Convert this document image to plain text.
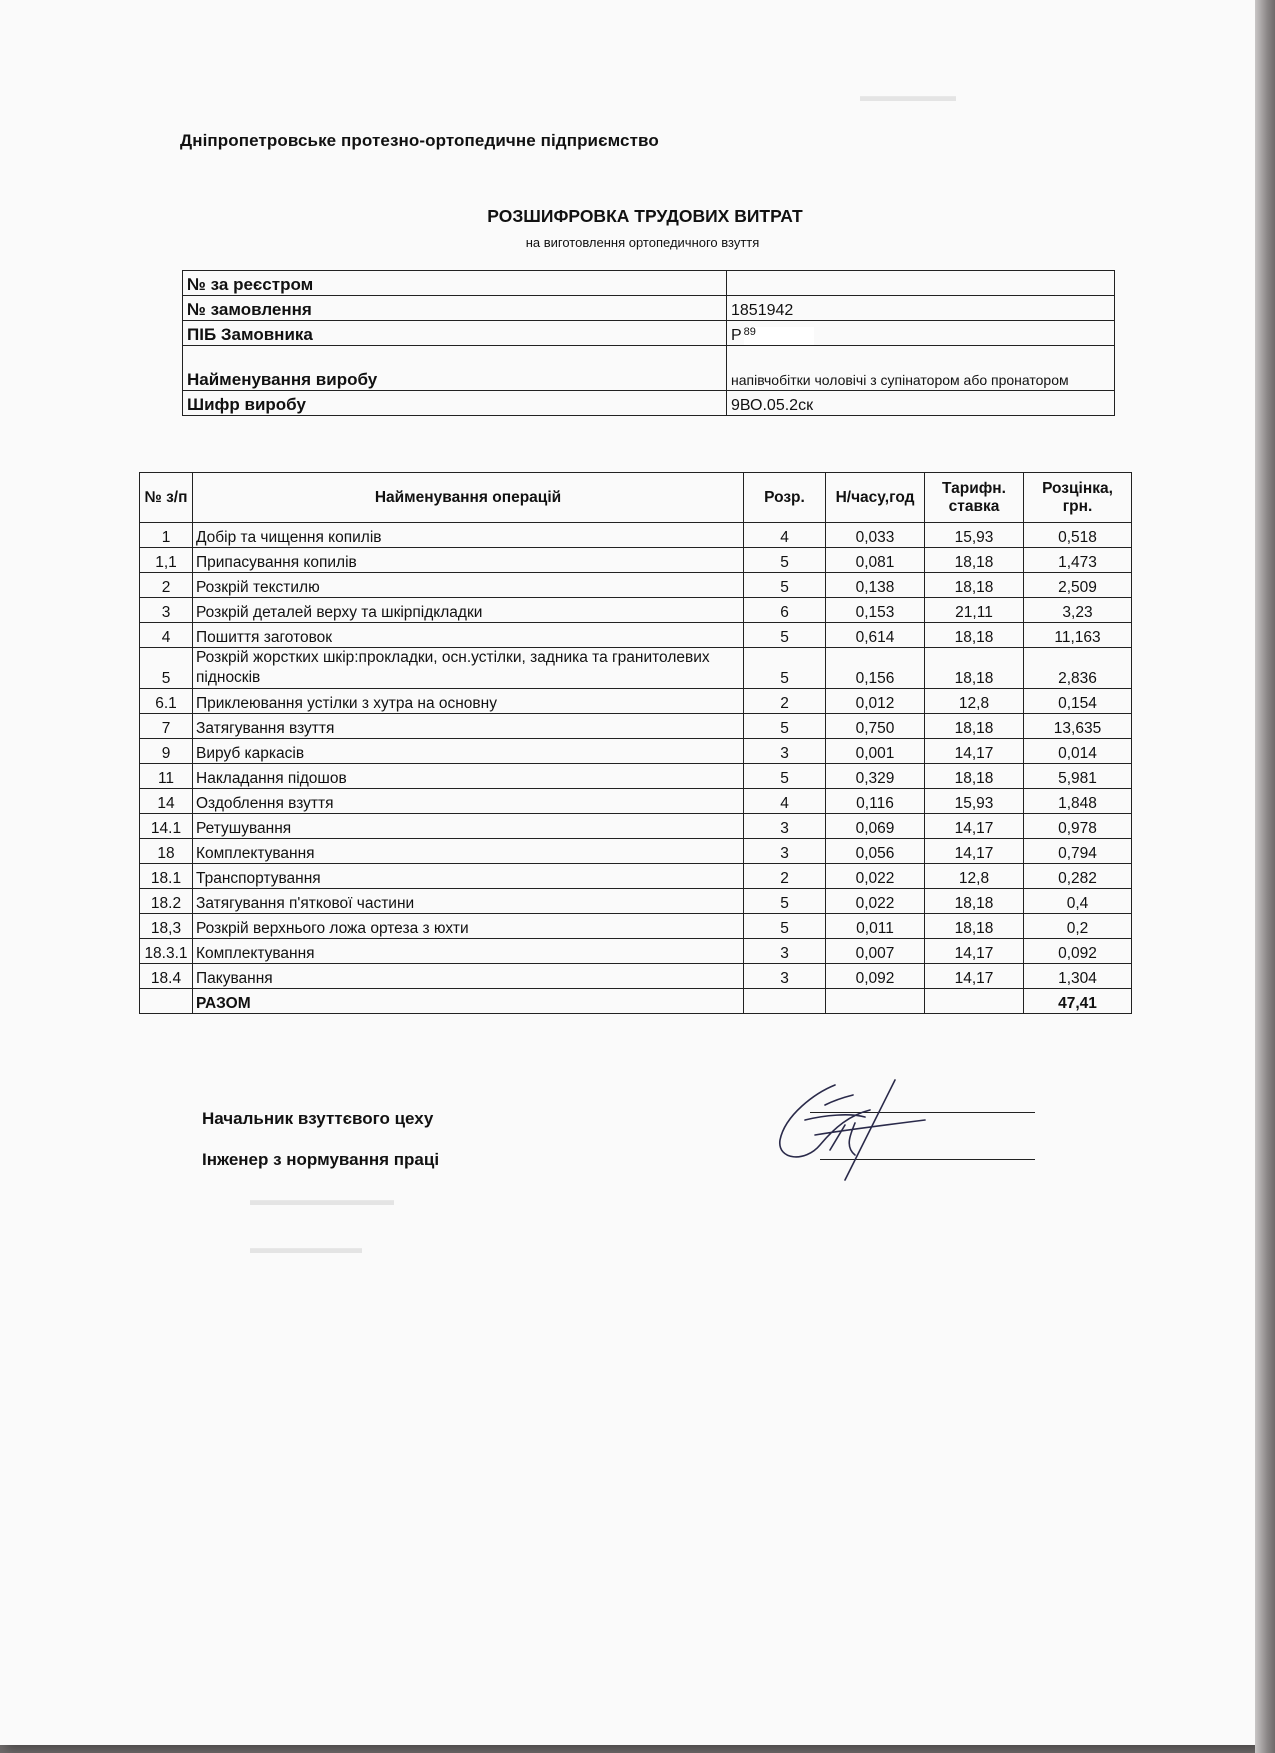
Дніпропетровське протезно-ортопедичне підприємство
РОЗШИФРОВКА ТРУДОВИХ ВИТРАТ
на виготовлення ортопедичного взуття
№ за реєстром	
№ замовлення	1851942
ПІБ Замовника	Р 89
Найменування виробу	напівчобітки чоловічі з супінатором або пронатором
Шифр виробу	9ВО.05.2ск
№ з/п	Найменування операцій	Розр.	Н/часу,год	Тарифн. ставка	Розцінка, грн.
1	Добір та чищення копилів	4	0,033	15,93	0,518
1,1	Припасування копилів	5	0,081	18,18	1,473
2	Розкрій текстилю	5	0,138	18,18	2,509
3	Розкрій деталей верху та шкірпідкладки	6	0,153	21,11	3,23
4	Пошиття заготовок	5	0,614	18,18	11,163
5	Розкрій жорстких шкір:прокладки, осн.устілки, задника та гранитолевих підноскiв	5	0,156	18,18	2,836
6.1	Приклеювання устілки з хутра на основну	2	0,012	12,8	0,154
7	Затягування взуття	5	0,750	18,18	13,635
9	Вируб каркасів	3	0,001	14,17	0,014
11	Накладання підошов	5	0,329	18,18	5,981
14	Оздоблення взуття	4	0,116	15,93	1,848
14.1	Ретушування	3	0,069	14,17	0,978
18	Комплектування	3	0,056	14,17	0,794
18.1	Транспортування	2	0,022	12,8	0,282
18.2	Затягування п'яткової частини	5	0,022	18,18	0,4
18,3	Розкрій верхнього ложа ортеза з юхти	5	0,011	18,18	0,2
18.3.1	Комплектування	3	0,007	14,17	0,092
18.4	Пакування	3	0,092	14,17	1,304
	РАЗОМ				47,41
Начальник взуттєвого цеху
Інженер з нормування праці
▬▬▬▬▬▬
▬▬▬▬▬▬▬▬▬
▬▬▬▬▬▬▬
